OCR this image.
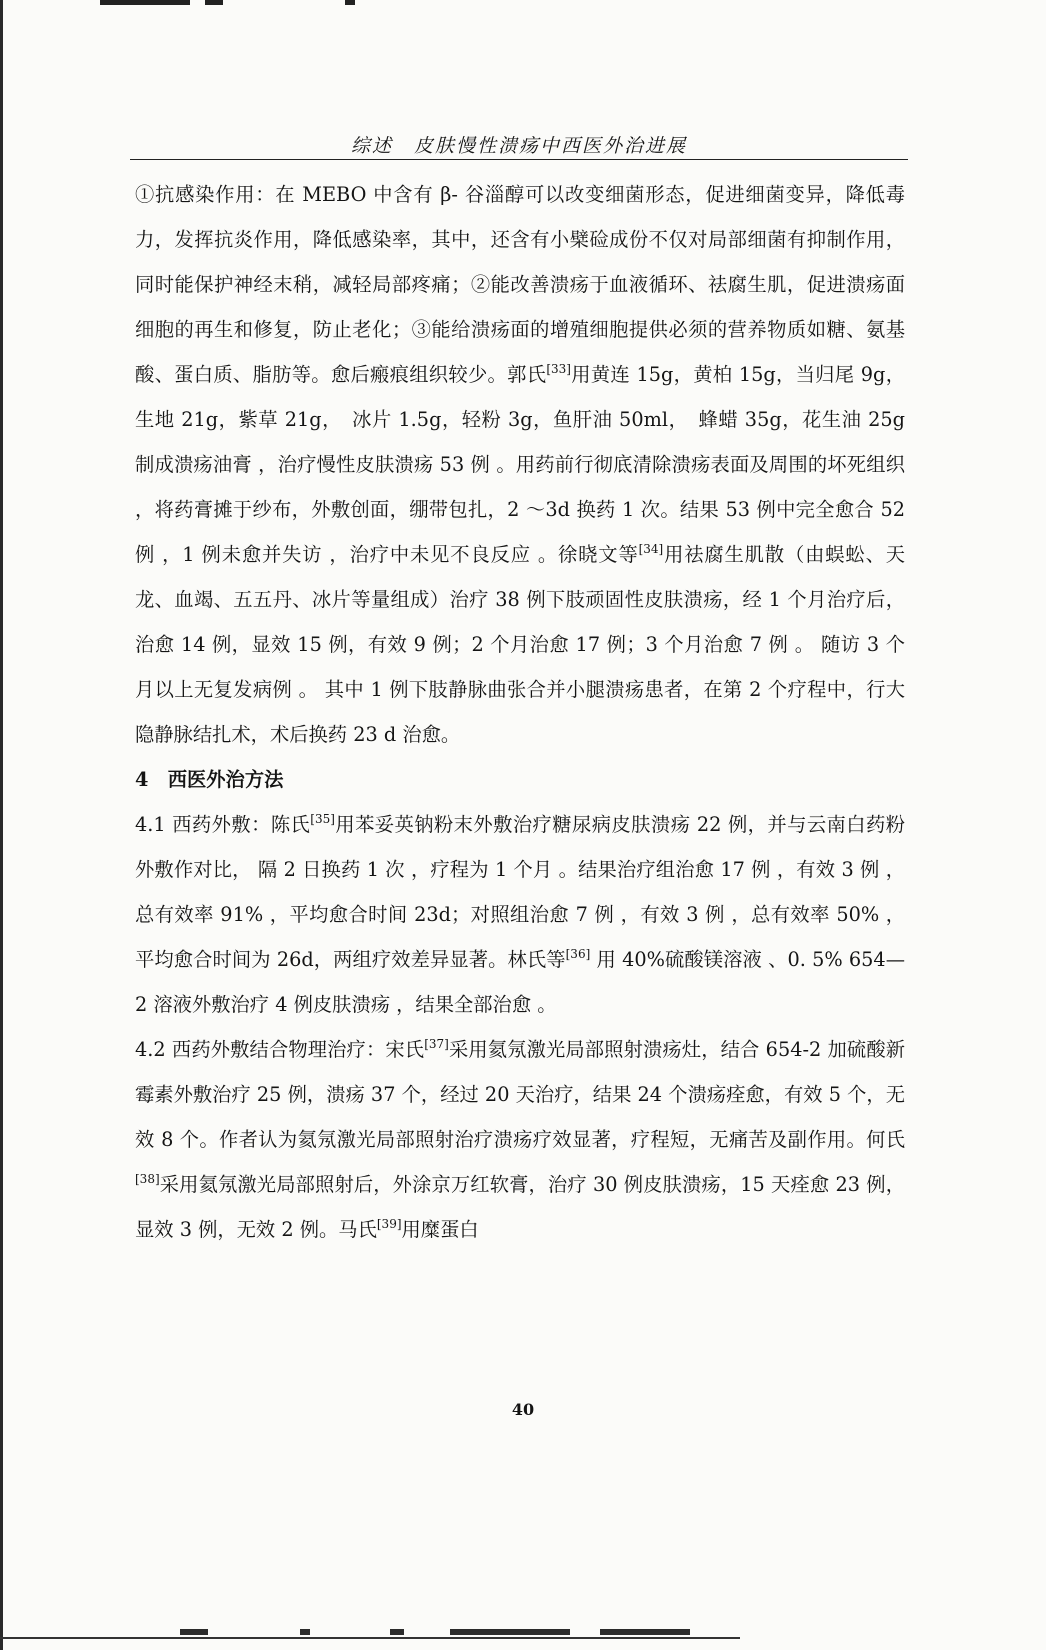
综述　皮肤慢性溃疡中西医外治进展

①抗感染作用：在 MEBO 中含有 β- 谷淄醇可以改变细菌形态，促进细菌变异，降低毒力，发挥抗炎作用，降低感染率，其中，还含有小檗硷成份不仅对局部细菌有抑制作用，同时能保护神经末稍，减轻局部疼痛；②能改善溃疡于血液循环、祛腐生肌，促进溃疡面细胞的再生和修复，防止老化；③能给溃疡面的增殖细胞提供必须的营养物质如糖、氨基酸、蛋白质、脂肪等。愈后瘢痕组织较少。郭氏[33]用黄连 15g，黄柏 15g，当归尾 9g，生地 21g，紫草 21g，　冰片 1.5g，轻粉 3g，鱼肝油 50ml，　蜂蜡 35g，花生油 25g 制成溃疡油膏 ，治疗慢性皮肤溃疡 53 例 。用药前行彻底清除溃疡表面及周围的坏死组织 ，将药膏摊于纱布，外敷创面，绷带包扎，2 ～3d 换药 1 次。结果 53 例中完全愈合 52 例 ，1 例未愈并失访 ，治疗中未见不良反应 。徐晓文等[34]用祛腐生肌散（由蜈蚣、天龙、血竭、五五丹、冰片等量组成）治疗 38 例下肢顽固性皮肤溃疡，经 1 个月治疗后，治愈 14 例，显效 15 例，有效 9 例；2 个月治愈 17 例；3 个月治愈 7 例 。 随访 3 个月以上无复发病例 。 其中 1 例下肢静脉曲张合并小腿溃疡患者，在第 2 个疗程中，行大隐静脉结扎术，术后换药 23 d 治愈。

4　西医外治方法

4.1 西药外敷：陈氏[35]用苯妥英钠粉末外敷治疗糖尿病皮肤溃疡 22 例，并与云南白药粉外敷作对比， 隔 2 日换药 1 次 ，疗程为 1 个月 。结果治疗组治愈 17 例 ，有效 3 例 ，总有效率 91% ，平均愈合时间 23d；对照组治愈 7 例 ，有效 3 例 ，总有效率 50% ，平均愈合时间为 26d，两组疗效差异显著。林氏等[36] 用 40%硫酸镁溶液 、0. 5% 654—2 溶液外敷治疗 4 例皮肤溃疡 ，结果全部治愈 。

4.2 西药外敷结合物理治疗：宋氏[37]采用氦氖激光局部照射溃疡灶，结合 654-2 加硫酸新霉素外敷治疗 25 例，溃疡 37 个，经过 20 天治疗，结果 24 个溃疡痊愈，有效 5 个，无效 8 个。作者认为氦氖激光局部照射治疗溃疡疗效显著，疗程短，无痛苦及副作用。何氏[38]采用氦氖激光局部照射后，外涂京万红软膏，治疗 30 例皮肤溃疡，15 天痊愈 23 例，显效 3 例，无效 2 例。马氏[39]用糜蛋白

40
